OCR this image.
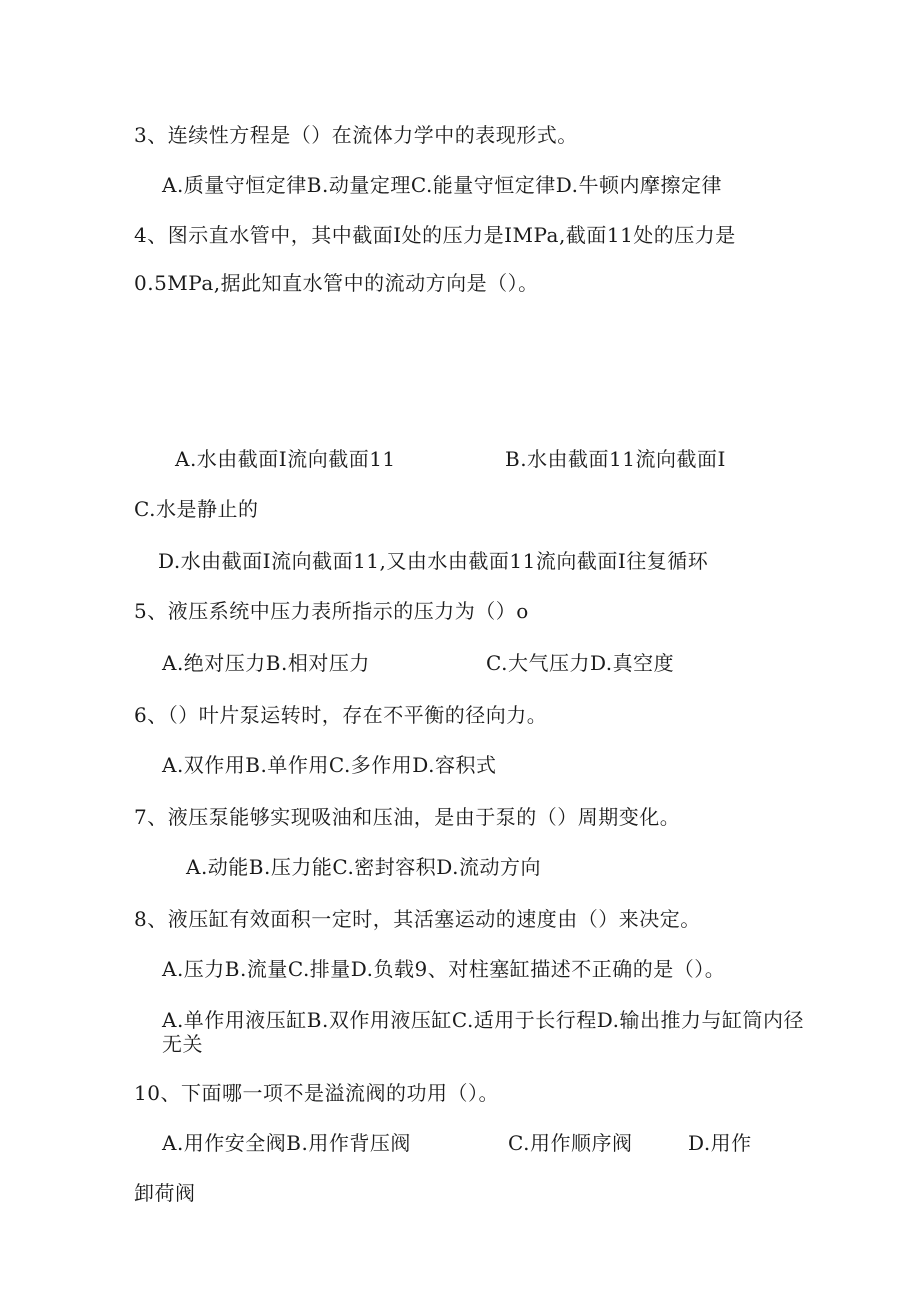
3、连续性方程是（）在流体力学中的表现形式。
A.质量守恒定律B.动量定理C.能量守恒定律D.牛顿内摩擦定律
4、图示直水管中，其中截面I处的压力是IMPa,截面11处的压力是
0.5MPa,据此知直水管中的流动方向是（）。
A.水由截面I流向截面11	B.水由截面11流向截面I
C.水是静止的
D.水由截面I流向截面11,又由水由截面11流向截面I往复循环
5、液压系统中压力表所指示的压力为（）o
A.绝对压力B.相对压力	C.大气压力D.真空度
6、（）叶片泵运转时，存在不平衡的径向力。
A.双作用B.单作用C.多作用D.容积式
7、液压泵能够实现吸油和压油，是由于泵的（）周期变化。
A.动能B.压力能C.密封容积D.流动方向
8、液压缸有效面积一定时，其活塞运动的速度由（）来决定。
A.压力B.流量C.排量D.负载9、对柱塞缸描述不正确的是（）。
A.单作用液压缸B.双作用液压缸C.适用于长行程D.输出推力与缸筒内径无关
10、下面哪一项不是溢流阀的功用（）。
A.用作安全阀B.用作背压阀	C.用作顺序阀	D.用作
卸荷阀
